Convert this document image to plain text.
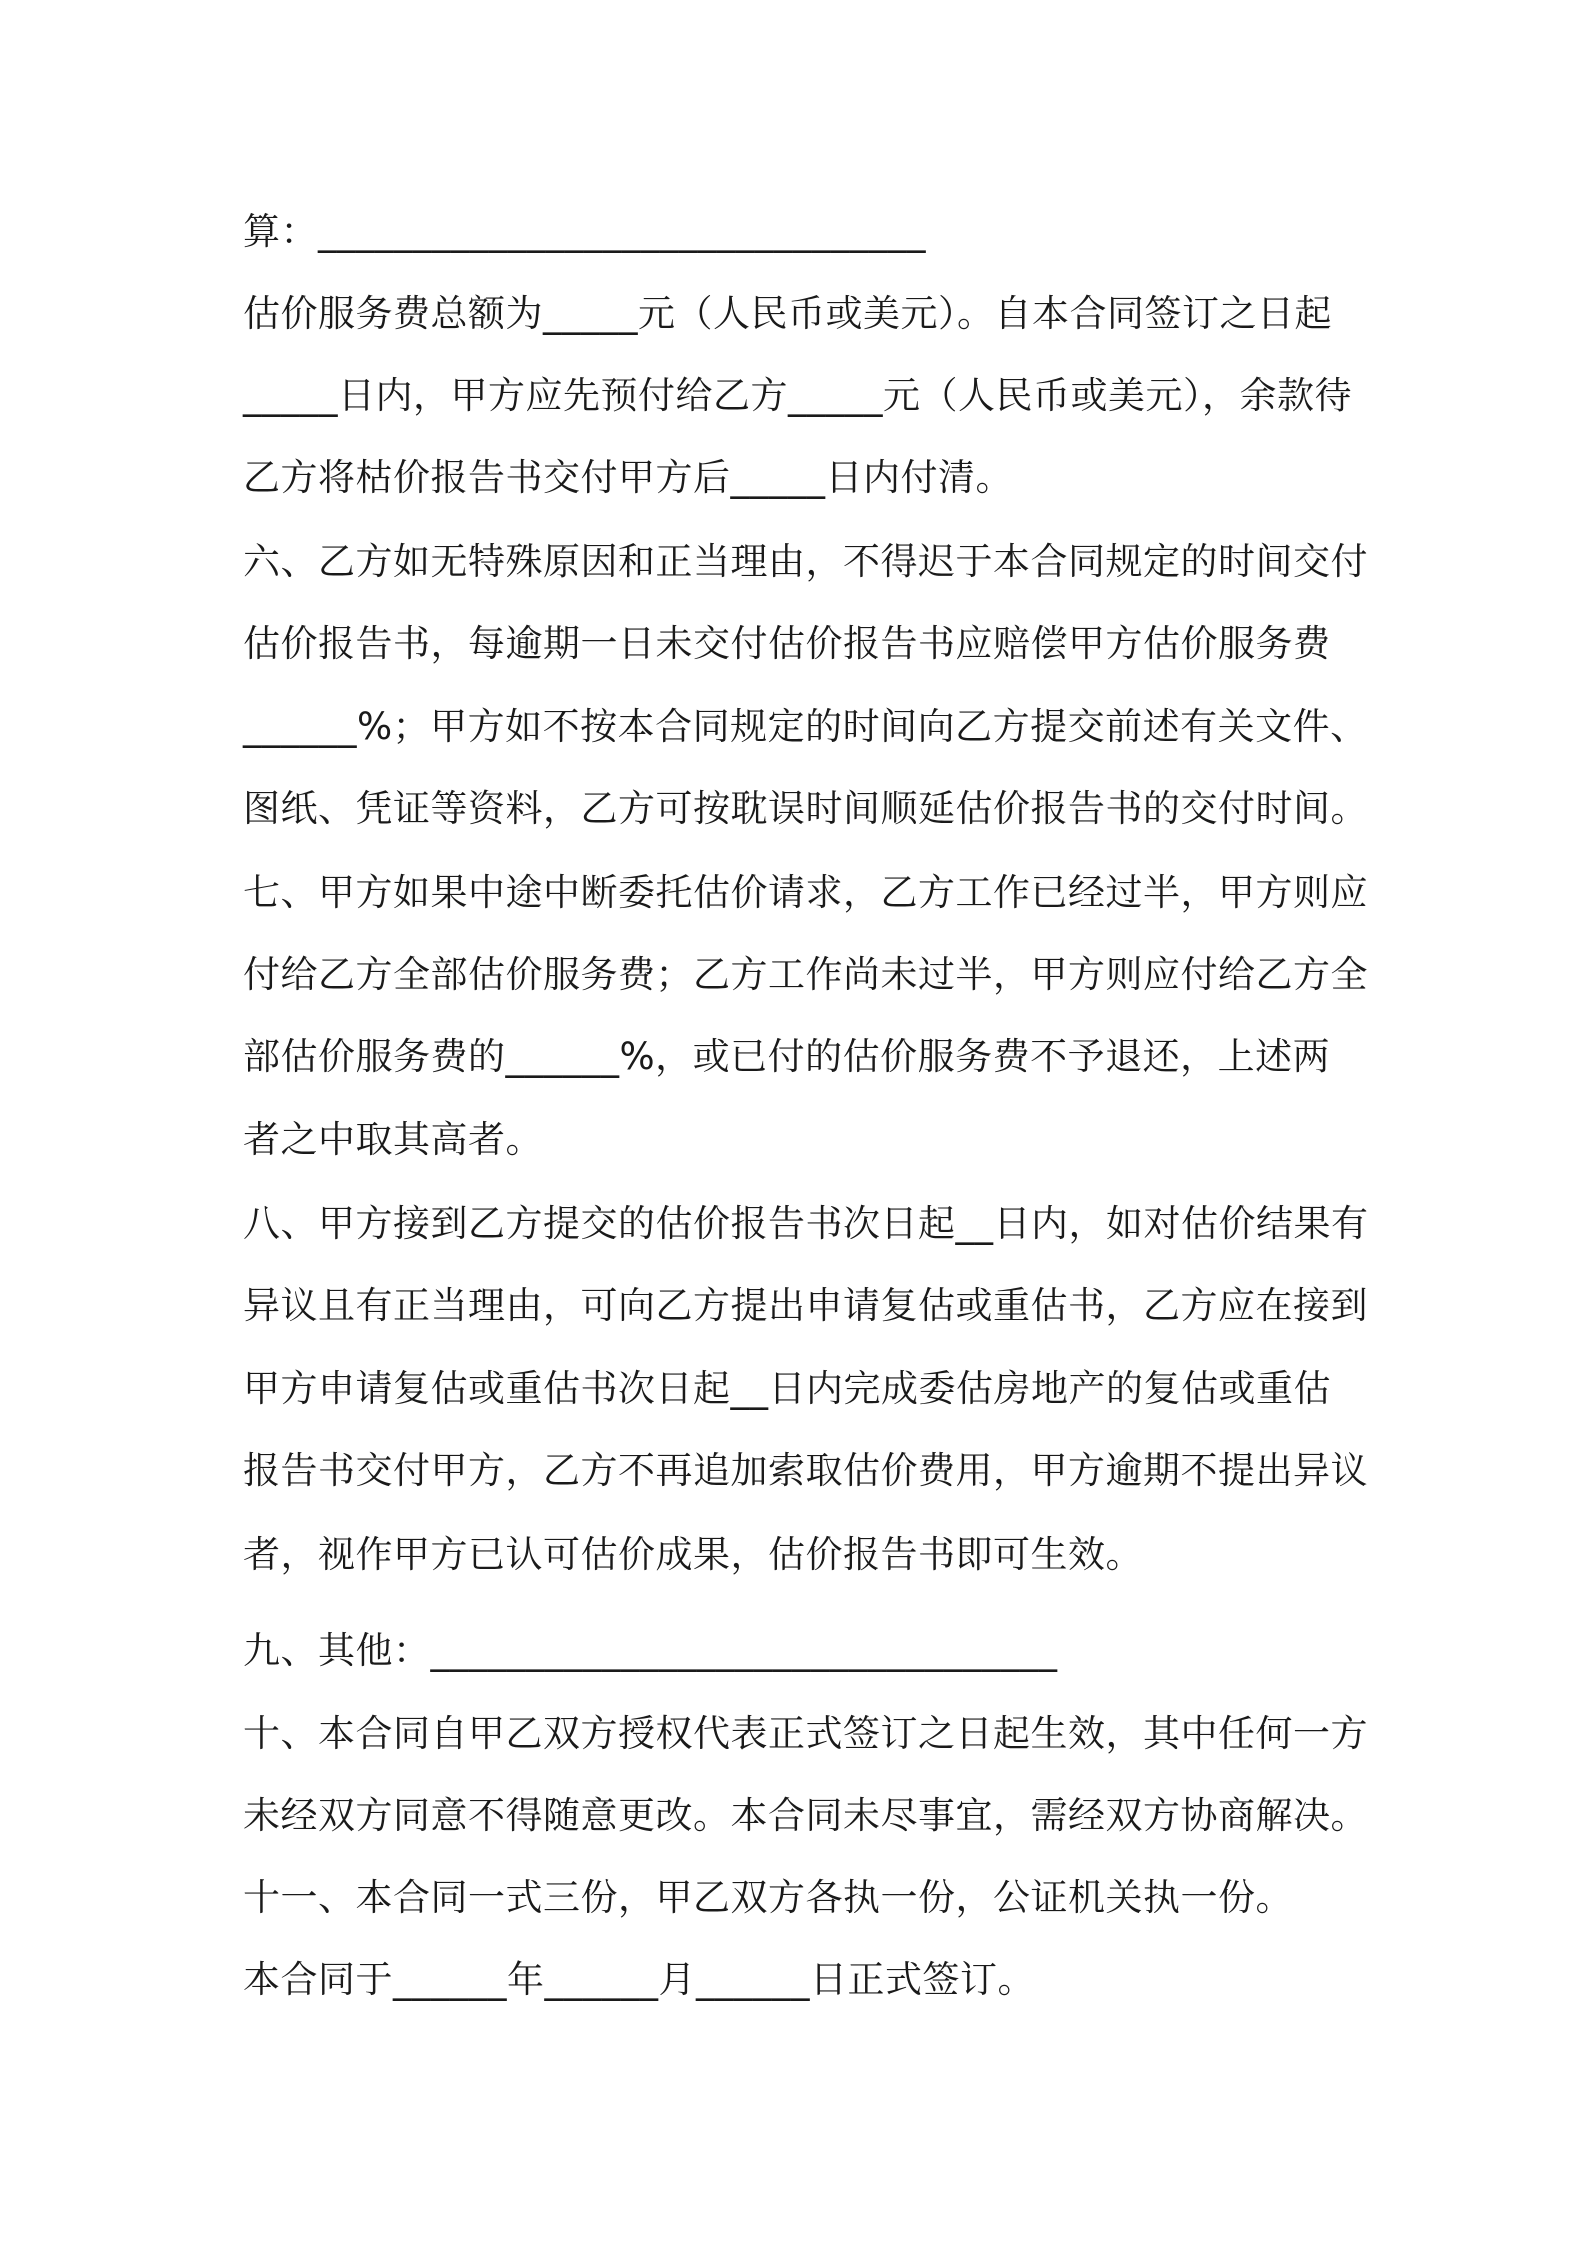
算：________________________________
估价服务费总额为_____元（人民币或美元）。自本合同签订之日起
_____日内，甲方应先预付给乙方_____元（人民币或美元），余款待
乙方将枯价报告书交付甲方后_____日内付清。
六、乙方如无特殊原因和正当理由，不得迟于本合同规定的时间交付
估价报告书，每逾期一日未交付估价报告书应赔偿甲方估价服务费
______%；甲方如不按本合同规定的时间向乙方提交前述有关文件、
图纸、凭证等资料，乙方可按耽误时间顺延估价报告书的交付时间。
七、甲方如果中途中断委托估价请求，乙方工作已经过半，甲方则应
付给乙方全部估价服务费；乙方工作尚未过半，甲方则应付给乙方全
部估价服务费的______%，或已付的估价服务费不予退还，上述两
者之中取其高者。
八、甲方接到乙方提交的估价报告书次日起__日内，如对估价结果有
异议且有正当理由，可向乙方提出申请复估或重估书，乙方应在接到
甲方申请复估或重估书次日起__日内完成委估房地产的复估或重估
报告书交付甲方，乙方不再追加索取估价费用，甲方逾期不提出异议
者，视作甲方已认可估价成果，估价报告书即可生效。
九、其他：_________________________________
十、本合同自甲乙双方授权代表正式签订之日起生效，其中任何一方
未经双方同意不得随意更改。本合同未尽事宜，需经双方协商解决。
十一、本合同一式三份，甲乙双方各执一份，公证机关执一份。
本合同于______年______月______日正式签订。
